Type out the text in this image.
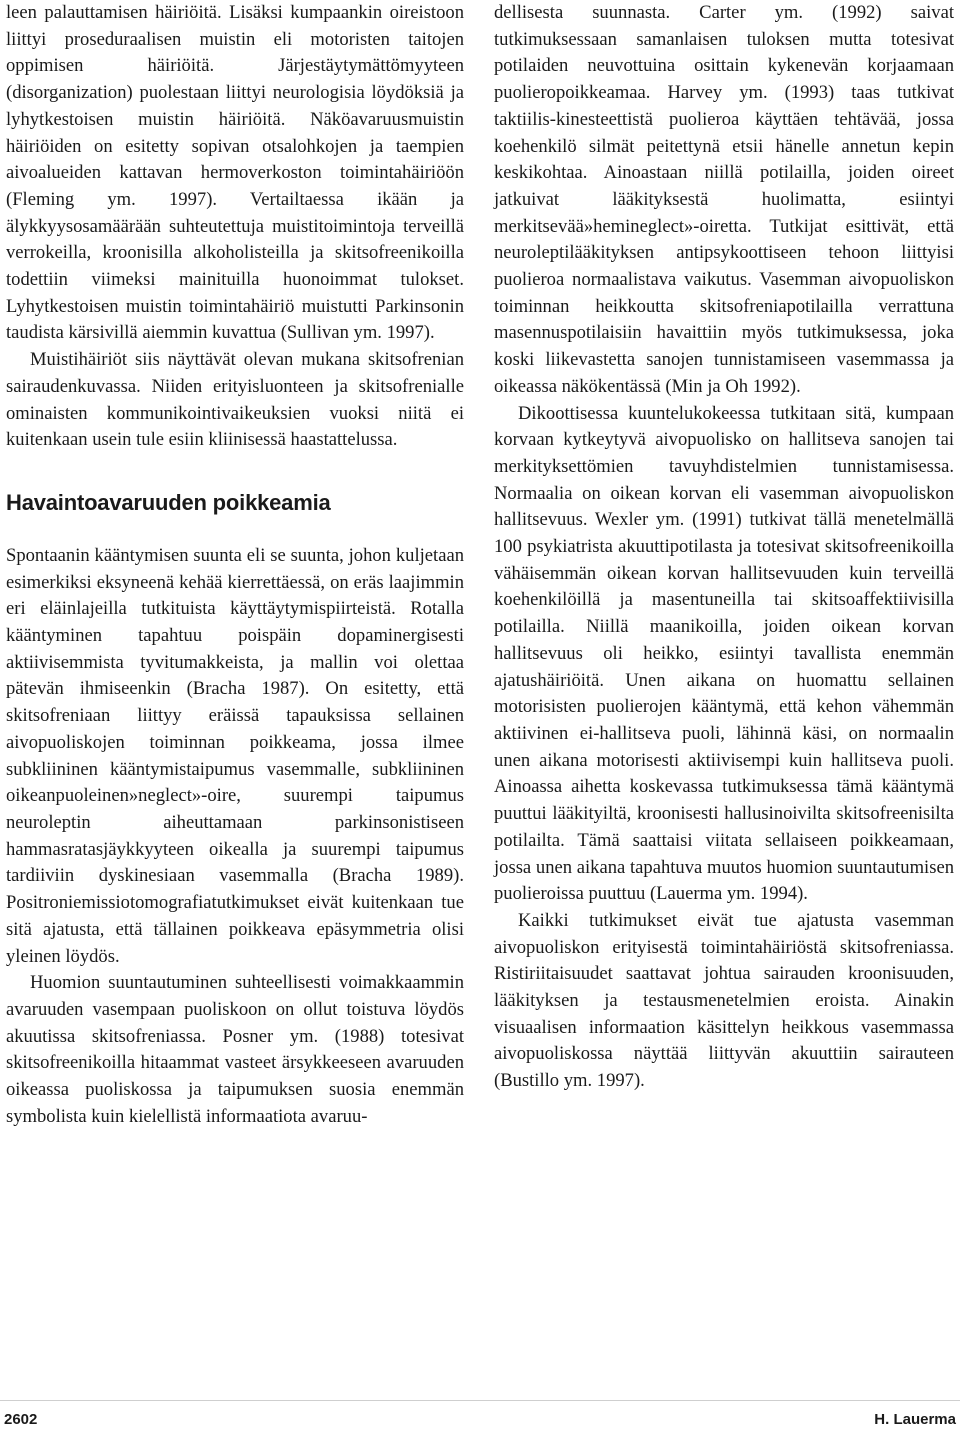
leen palauttamisen häiriöitä. Lisäksi kumpaankin oireistoon liittyi proseduraalisen muistin eli motoristen taitojen oppimisen häiriöitä. Järjestäytymättömyyteen (disorganization) puolestaan liittyi neurologisia löydöksiä ja lyhytkestoisen muistin häiriöitä. Näköavaruusmuistin häiriöiden on esitetty sopivan otsalohkojen ja taempien aivoalueiden kattavan hermoverkoston toimintahäiriöön (Fleming ym. 1997). Vertailtaessa ikään ja älykkyysosamäärään suhteutettuja muistitoimintoja terveillä verrokeilla, kroonisilla alkoholisteilla ja skitsofreenikoilla todettiin viimeksi mainituilla huonoimmat tulokset. Lyhytkestoisen muistin toimintahäiriö muistutti Parkinsonin taudista kärsivillä aiemmin kuvattua (Sullivan ym. 1997).

Muistihäiriöt siis näyttävät olevan mukana skitsofrenian sairaudenkuvassa. Niiden erityisluonteen ja skitsofrenialle ominaisten kommunikointivaikeuksien vuoksi niitä ei kuitenkaan usein tule esiin kliinisessä haastattelussa.

Havaintoavaruuden poikkeamia

Spontaanin kääntymisen suunta eli se suunta, johon kuljetaan esimerkiksi eksyneenä kehää kierrettäessä, on eräs laajimmin eri eläinlajeilla tutkituista käyttäytymispiirteistä. Rotalla kääntyminen tapahtuu poispäin dopaminergisesti aktiivisemmista tyvitumakkeista, ja mallin voi olettaa pätevän ihmiseenkin (Bracha 1987). On esitetty, että skitsofreniaan liittyy eräissä tapauksissa sellainen aivopuoliskojen toiminnan poikkeama, jossa ilmee subkliininen kääntymistaipumus vasemmalle, subkliininen oikeanpuoleinen»neglect»-oire, suurempi taipumus neuroleptin aiheuttamaan parkinsonistiseen hammasratasjäykkyyteen oikealla ja suurempi taipumus tardiiviin dyskinesiaan vasemmalla (Bracha 1989). Positroniemissiotomografiatutkimukset eivät kuitenkaan tue sitä ajatusta, että tällainen poikkeava epäsymmetria olisi yleinen löydös.

Huomion suuntautuminen suhteellisesti voimakkaammin avaruuden vasempaan puoliskoon on ollut toistuva löydös akuutissa skitsofreniassa. Posner ym. (1988) totesivat skitsofreenikoilla hitaammat vasteet ärsykkeeseen avaruuden oikeassa puoliskossa ja taipumuksen suosia enemmän symbolista kuin kielellistä informaatiota avaruu-

dellisesta suunnasta. Carter ym. (1992) saivat tutkimuksessaan samanlaisen tuloksen mutta totesivat potilaiden neuvottuina osittain kykenevän korjaamaan puolieropoikkeamaa. Harvey ym. (1993) taas tutkivat taktiilis-kinesteettistä puolieroa käyttäen tehtävää, jossa koehenkilö silmät peitettynä etsii hänelle annetun kepin keskikohtaa. Ainoastaan niillä potilailla, joiden oireet jatkuivat lääkityksestä huolimatta, esiintyi merkitsevää»hemineglect»-oiretta. Tutkijat esittivät, että neuroleptilääkityksen antipsykoottiseen tehoon liittyisi puolieroa normaalistava vaikutus. Vasemman aivopuoliskon toiminnan heikkoutta skitsofreniapotilailla verrattuna masennuspotilaisiin havaittiin myös tutkimuksessa, joka koski liikevastetta sanojen tunnistamiseen vasemmassa ja oikeassa näkökentässä (Min ja Oh 1992).

Dikoottisessa kuuntelukokeessa tutkitaan sitä, kumpaan korvaan kytkeytyvä aivopuolisko on hallitseva sanojen tai merkityksettömien tavuyhdistelmien tunnistamisessa. Normaalia on oikean korvan eli vasemman aivopuoliskon hallitsevuus. Wexler ym. (1991) tutkivat tällä menetelmällä 100 psykiatrista akuuttipotilasta ja totesivat skitsofreenikoilla vähäisemmän oikean korvan hallitsevuuden kuin terveillä koehenkilöillä ja masentuneilla tai skitsoaffektiivisilla potilailla. Niillä maanikoilla, joiden oikean korvan hallitsevuus oli heikko, esiintyi tavallista enemmän ajatushäiriöitä. Unen aikana on huomattu sellainen motorisisten puolierojen kääntymä, että kehon vähemmän aktiivinen ei-hallitseva puoli, lähinnä käsi, on normaalin unen aikana motorisesti aktiivisempi kuin hallitseva puoli. Ainoassa aihetta koskevassa tutkimuksessa tämä kääntymä puuttui lääkityiltä, kroonisesti hallusinoivilta skitsofreenisilta potilailta. Tämä saattaisi viitata sellaiseen poikkeamaan, jossa unen aikana tapahtuva muutos huomion suuntautumisen puolieroissa puuttuu (Lauerma ym. 1994).

Kaikki tutkimukset eivät tue ajatusta vasemman aivopuoliskon erityisestä toimintahäiriöstä skitsofreniassa. Ristiriitaisuudet saattavat johtua sairauden kroonisuuden, lääkityksen ja testausmenetelmien eroista. Ainakin visuaalisen informaation käsittelyn heikkous vasemmassa aivopuoliskossa näyttää liittyvän akuuttiin sairauteen (Bustillo ym. 1997).

2602	H. Lauerma
